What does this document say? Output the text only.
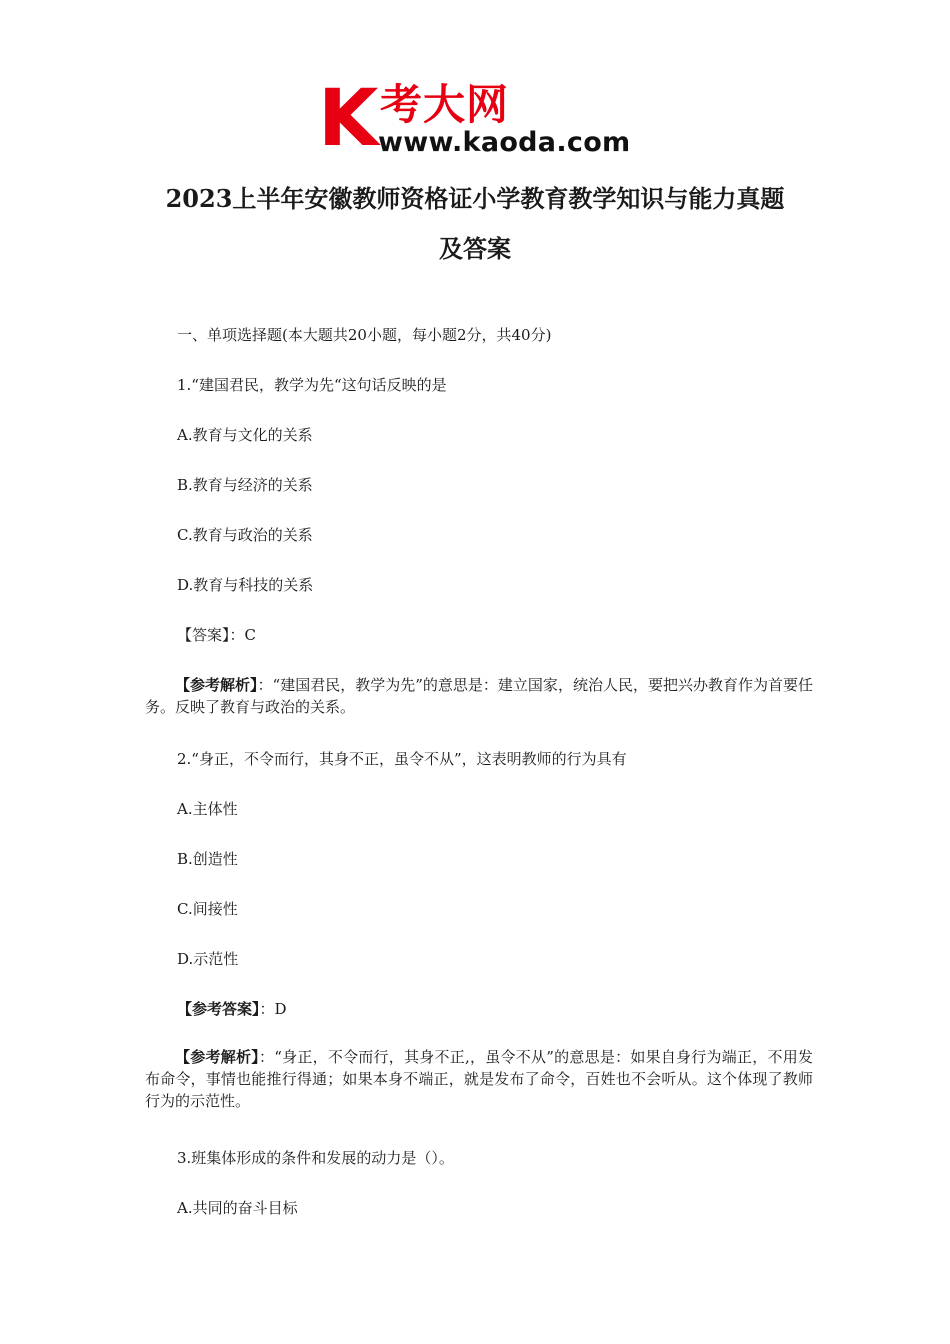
K 考大网
www.kaoda.com
2023上半年安徽教师资格证小学教育教学知识与能力真题
及答案
一、单项选择题(本大题共20小题，每小题2分，共40分)
1.“建国君民，教学为先“这句话反映的是
A.教育与文化的关系
B.教育与经济的关系
C.教育与政治的关系
D.教育与科技的关系
【答案】：C
【参考解析】：“建国君民，教学为先”的意思是：建立国家，统治人民，要把兴办教育作为首要任务。反映了教育与政治的关系。
2.“身正，不令而行，其身不正，虽令不从”，这表明教师的行为具有
A.主体性
B.创造性
C.间接性
D.示范性
【参考答案】：D
【参考解析】：“身正，不令而行，其身不正,，虽令不从”的意思是：如果自身行为端正，不用发布命令，事情也能推行得通；如果本身不端正，就是发布了命令，百姓也不会听从。这个体现了教师行为的示范性。
3.班集体形成的条件和发展的动力是（）。
A.共同的奋斗目标
